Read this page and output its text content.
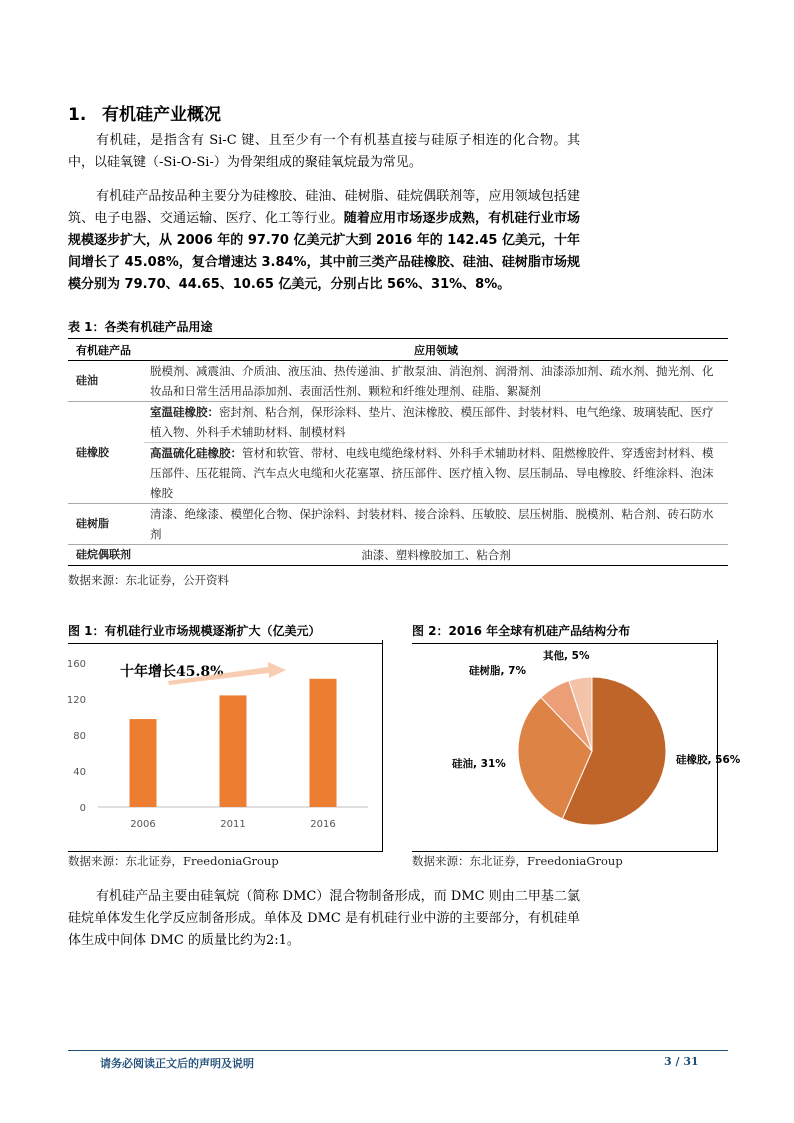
1. 有机硅产业概况

有机硅，是指含有 Si-C 键、且至少有一个有机基直接与硅原子相连的化合物。其中，以硅氧键（-Si-O-Si-）为骨架组成的聚硅氧烷最为常见。

有机硅产品按品种主要分为硅橡胶、硅油、硅树脂、硅烷偶联剂等，应用领域包括建筑、电子电器、交通运输、医疗、化工等行业。随着应用市场逐步成熟，有机硅行业市场规模逐步扩大，从 2006 年的 97.70 亿美元扩大到 2016 年的 142.45 亿美元，十年间增长了 45.08%，复合增速达 3.84%，其中前三类产品硅橡胶、硅油、硅树脂市场规模分别为 79.70、44.65、10.65 亿美元，分别占比 56%、31%、8%。

表 1：各类有机硅产品用途
有机硅产品	应用领域
硅油	脱模剂、减震油、介质油、液压油、热传递油、扩散泵油、消泡剂、润滑剂、油漆添加剂、疏水剂、抛光剂、化妆品和日常生活用品添加剂、表面活性剂、颗粒和纤维处理剂、硅脂、絮凝剂
硅橡胶	室温硅橡胶：密封剂、粘合剂，保形涂料、垫片、泡沫橡胶、模压部件、封装材料、电气绝缘、玻璃装配、医疗植入物、外科手术辅助材料、制模材料
	高温硫化硅橡胶：管材和软管、带材、电线电缆绝缘材料、外科手术辅助材料、阻燃橡胶件、穿透密封材料、模压部件、压花辊筒、汽车点火电缆和火花塞罩、挤压部件、医疗植入物、层压制品、导电橡胶、纤维涂料、泡沫橡胶
硅树脂	清漆、绝缘漆、模塑化合物、保护涂料、封装材料、接合涂料、压敏胶、层压树脂、脱模剂、粘合剂、砖石防水剂
硅烷偶联剂	油漆、塑料橡胶加工、粘合剂
数据来源：东北证券，公开资料
图 1：有机硅行业市场规模逐渐扩大（亿美元）
0
40
80
120
160
2006	2011	2016
十年增长45.8%
数据来源：东北证券，FreedoniaGroup
图 2：2016 年全球有机硅产品结构分布
硅橡胶, 56%
硅油, 31%
硅树脂, 7%
其他, 5%
数据来源：东北证券，FreedoniaGroup

有机硅产品主要由硅氧烷（简称 DMC）混合物制备形成，而 DMC 则由二甲基二氯硅烷单体发生化学反应制备形成。单体及 DMC 是有机硅行业中游的主要部分，有机硅单体生成中间体 DMC 的质量比约为2:1。

请务必阅读正文后的声明及说明	3 / 31
